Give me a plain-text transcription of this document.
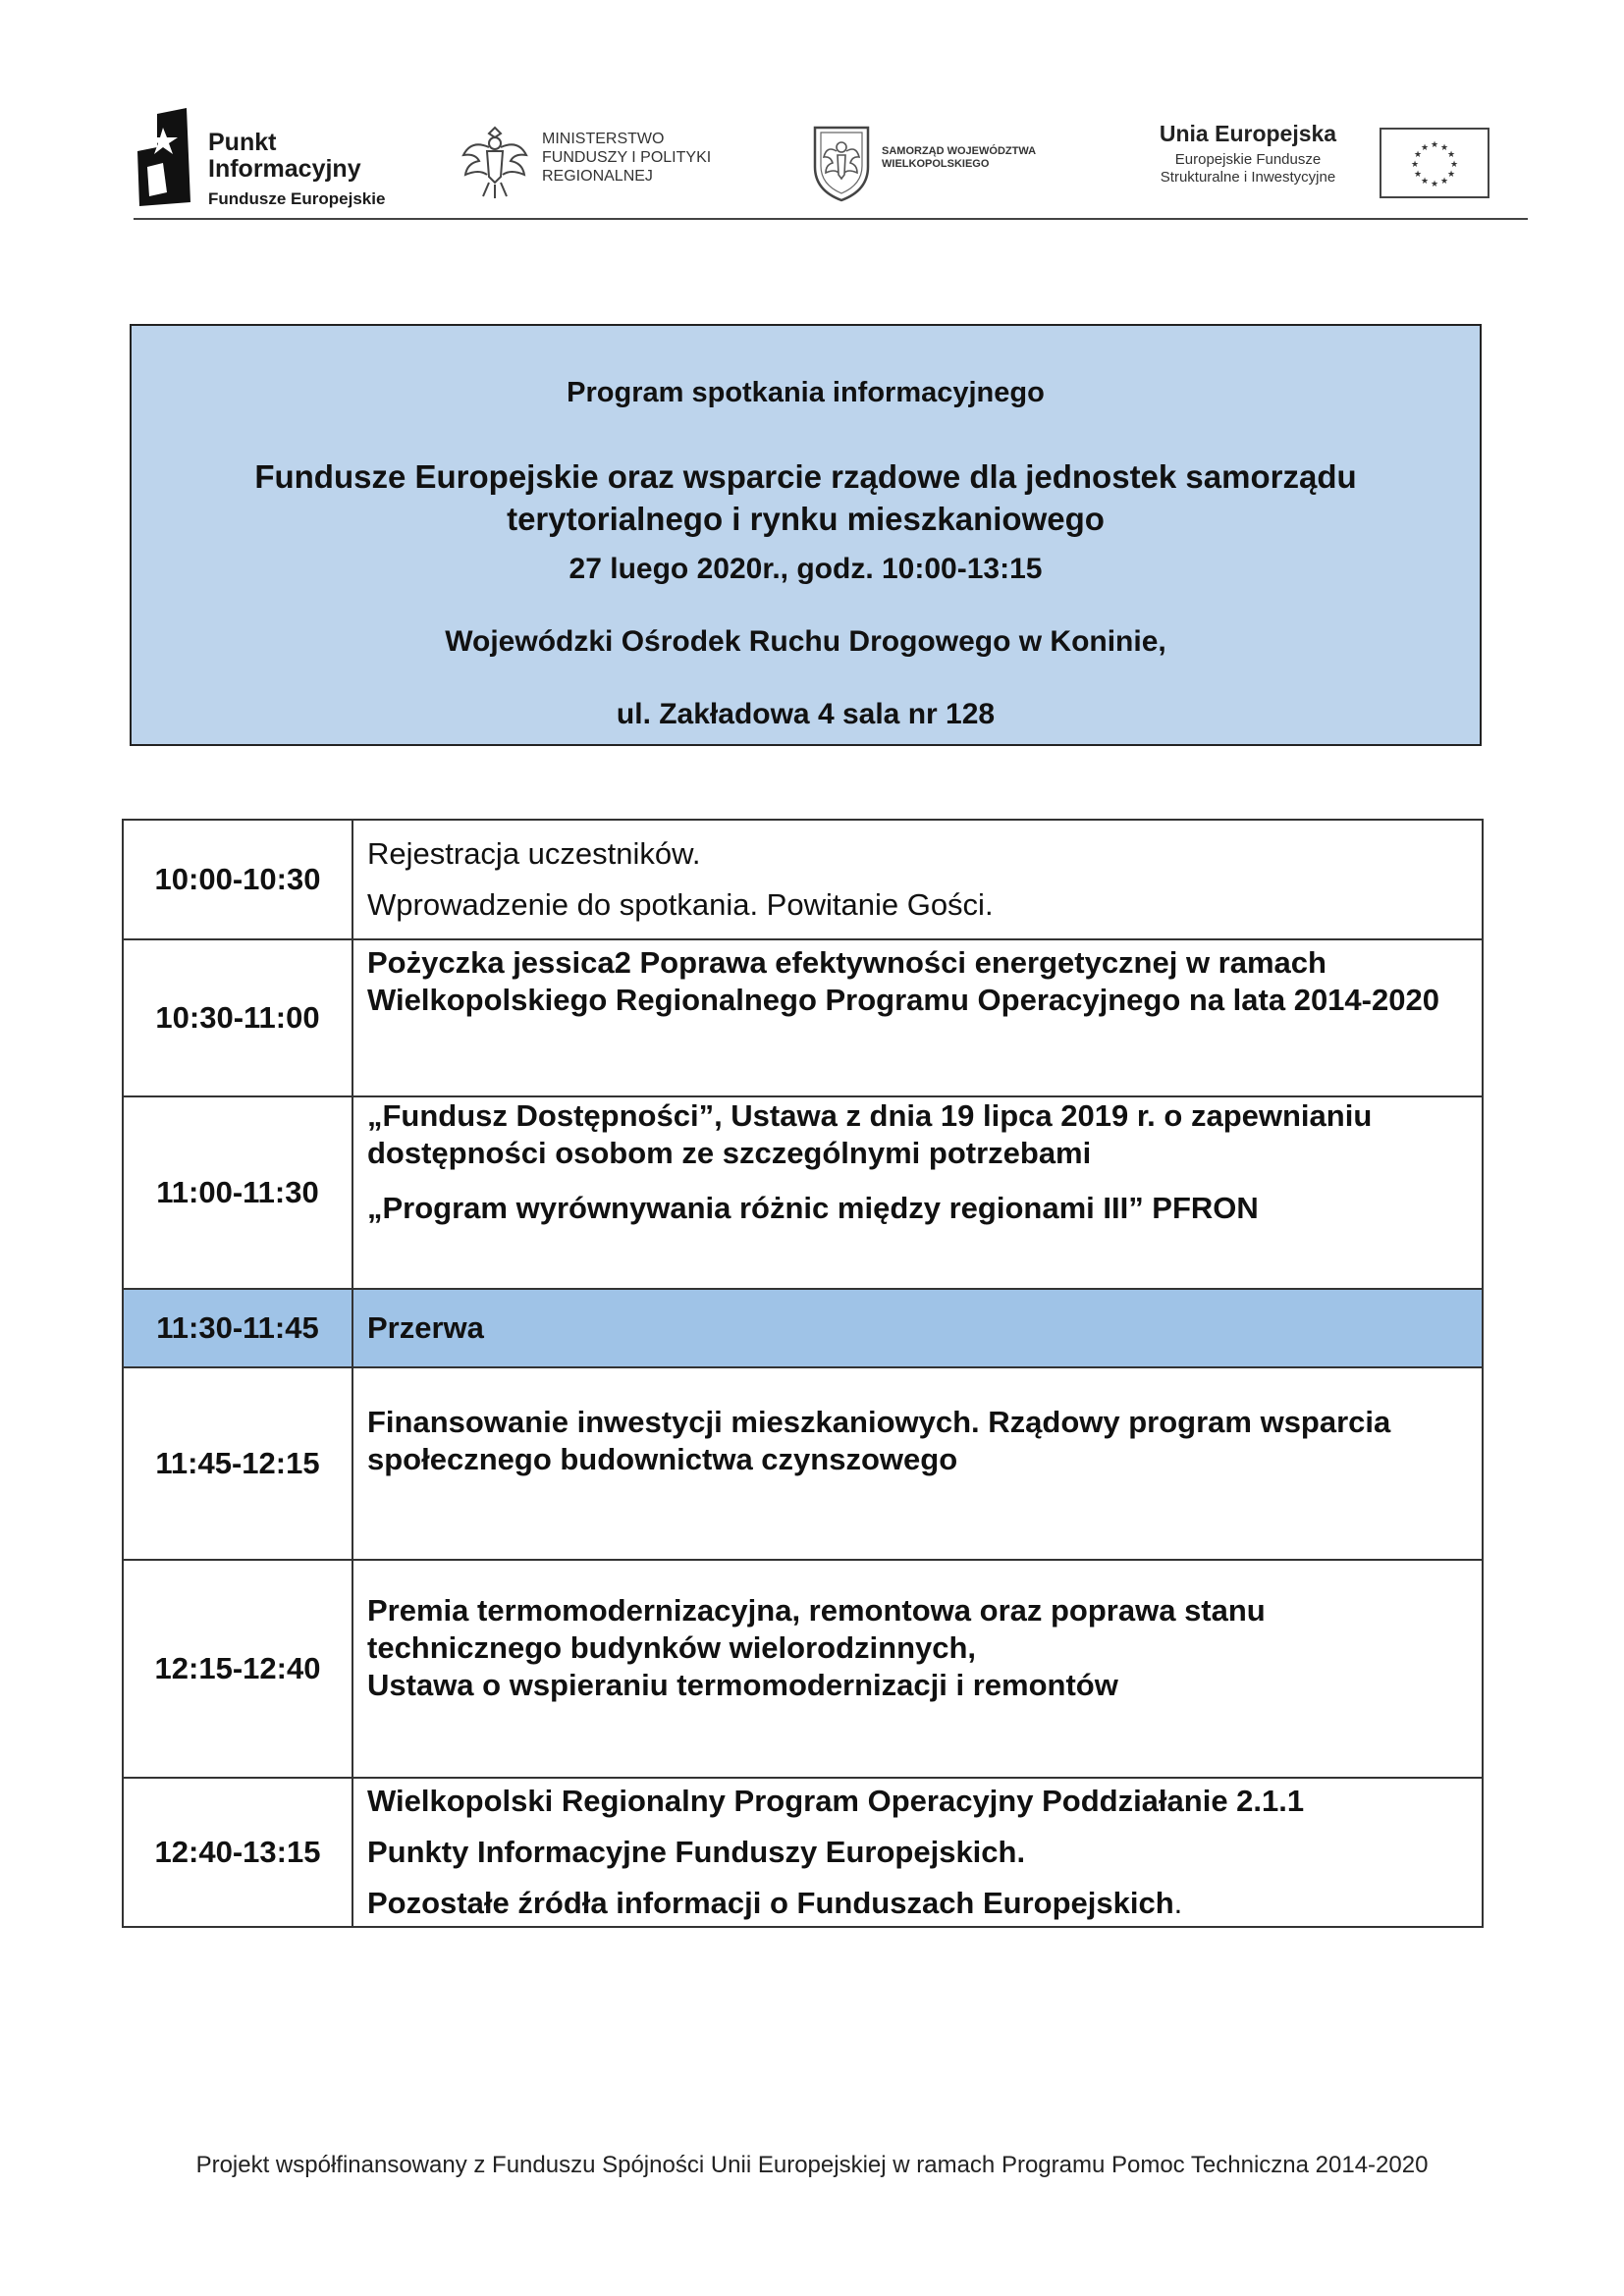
Punkt
Informacyjny
Fundusze Europejskie
MINISTERSTWO
FUNDUSZY I POLITYKI
REGIONALNEJ
SAMORZĄD WOJEWÓDZTWA
WIELKOPOLSKIEGO
Unia Europejska
Europejskie Fundusze
Strukturalne i Inwestycyjne
★ ★
★
★
★
★
★
★
★
★
★
★
Program spotkania informacyjnego
Fundusze Europejskie oraz wsparcie rządowe dla jednostek samorządu terytorialnego i rynku mieszkaniowego
27 luego 2020r., godz. 10:00-13:15
Wojewódzki Ośrodek Ruchu Drogowego w Koninie,
ul. Zakładowa 4 sala nr 128
10:00-10:30	Rejestracja uczestników.
Wprowadzenie do spotkania. Powitanie Gości.

10:30-11:00	Pożyczka jessica2 Poprawa efektywności energetycznej w ramach Wielkopolskiego Regionalnego Programu Operacyjnego na lata 2014-2020

11:00-11:30	„Fundusz Dostępności”, Ustawa z dnia 19 lipca 2019 r. o zapewnianiu dostępności osobom ze szczególnymi potrzebami
„Program wyrównywania różnic między regionami III” PFRON

11:30-11:45	Przerwa
11:45-12:15	Finansowanie inwestycji mieszkaniowych. Rządowy program wsparcia społecznego budownictwa czynszowego

12:15-12:40	Premia termomodernizacyjna, remontowa oraz poprawa stanu technicznego budynków wielorodzinnych,
Ustawa o wspieraniu termomodernizacji i remontów

12:40-13:15	Wielkopolski Regionalny Program Operacyjny Poddziałanie 2.1.1
Punkty Informacyjne Funduszy Europejskich.
Pozostałe źródła informacji o Funduszach Europejskich.
Projekt współfinansowany z Funduszu Spójności Unii Europejskiej w ramach Programu Pomoc Techniczna 2014-2020
